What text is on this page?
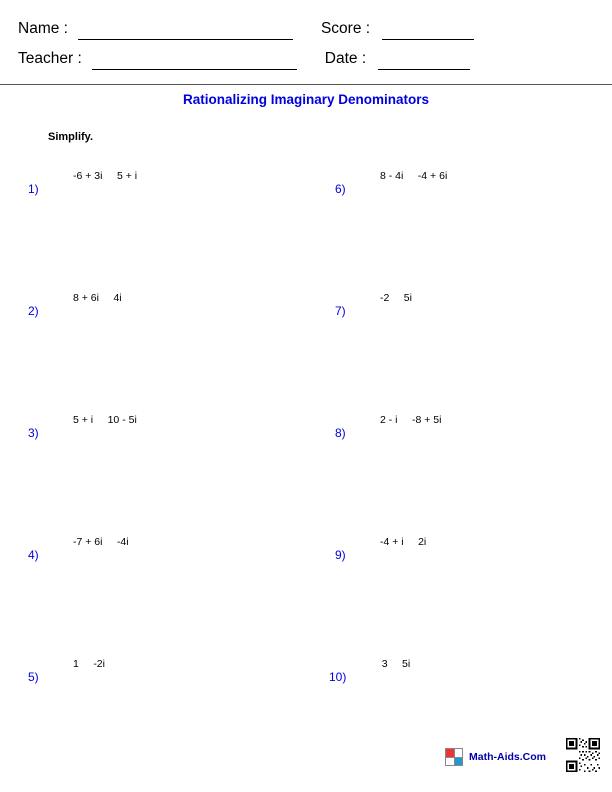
Name :	Score :
Teacher :	Date :
Rationalizing Imaginary Denominators
Simplify.
1)
-6 + 3i 5 + i
2)
8 + 6i 4i
3)
5 + i 10 - 5i
4)
-7 + 6i -4i
5)
1 -2i
6)
8 - 4i -4 + 6i
7)
-2 5i
8)
2 - i -8 + 5i
9)
-4 + i 2i
10)
3 5i
Math-Aids.Com
